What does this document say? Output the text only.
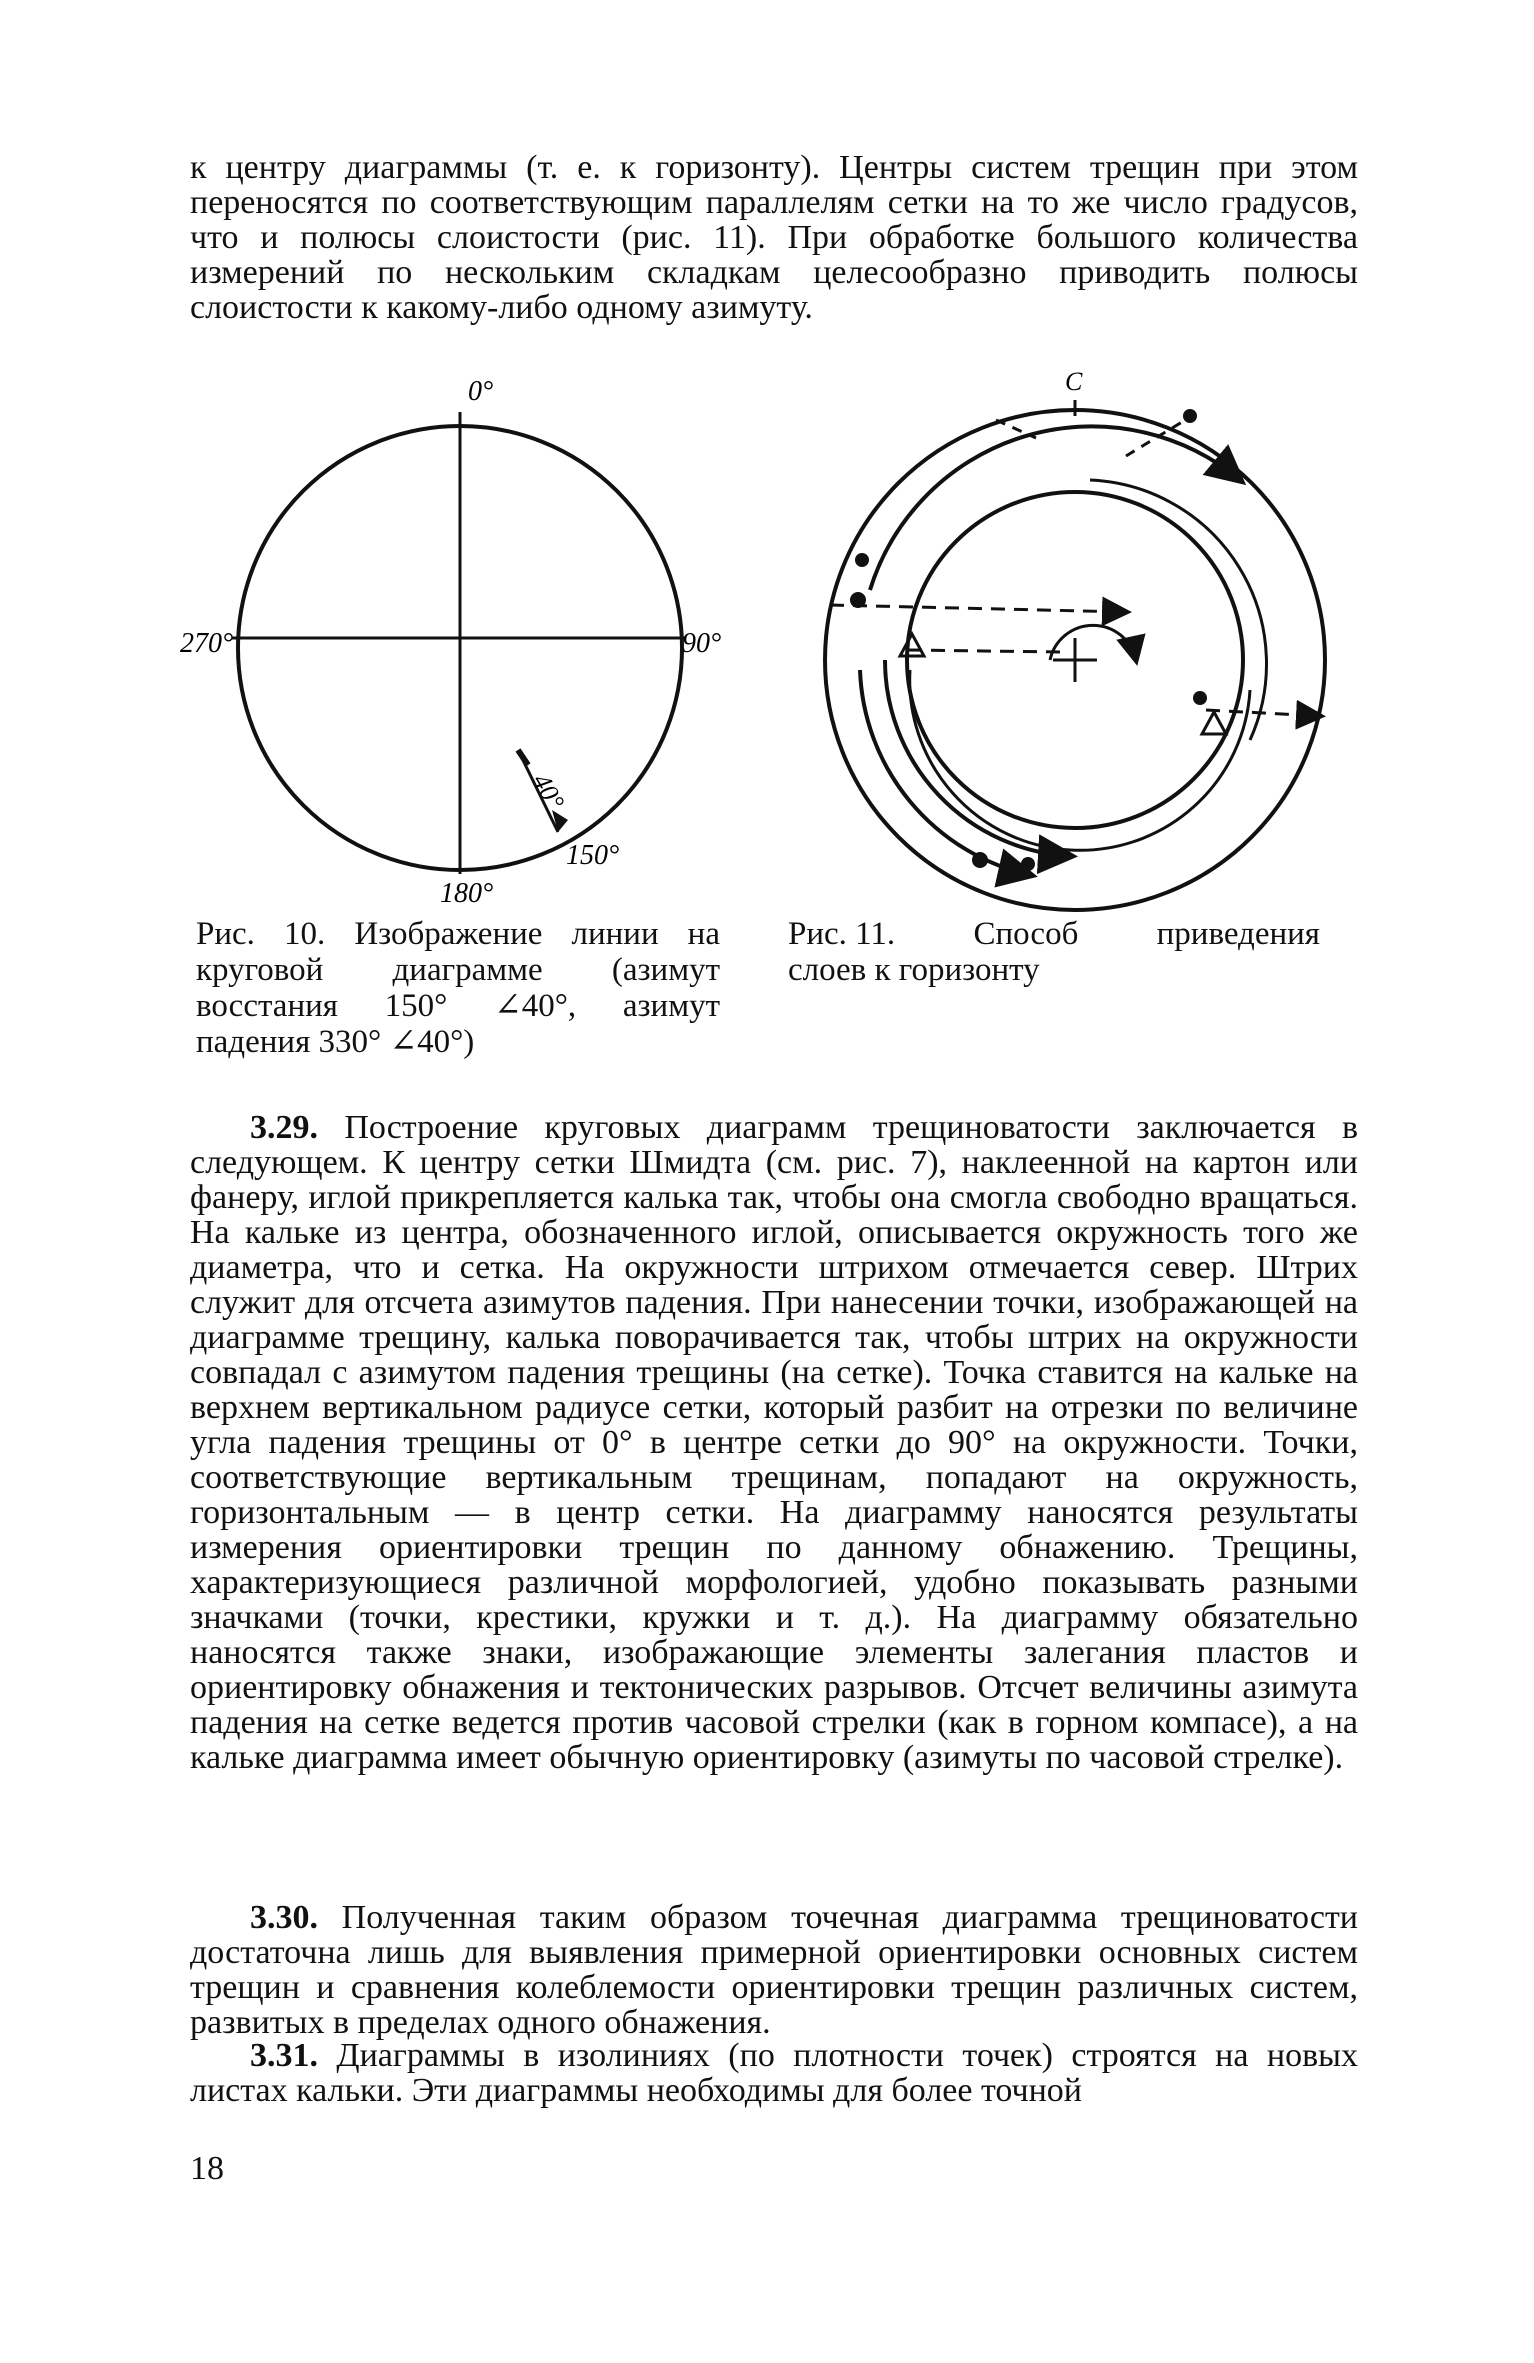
к центру диаграммы (т. е. к горизонту). Центры систем трещин при этом переносятся по соответствующим параллелям сетки на то же число градусов, что и полюсы слоистости (рис. 11). При обработке большого количества измерений по нескольким складкам целесообразно приводить полюсы слоистости к какому-либо одному азимуту.

0°
90°
180°
270°
150°
40°
С
Рис. 10. Изображение линии на круговой диаграмме (азимут восстания 150° ∠40°, азимут падения 330° ∠40°)
Рис. 11. Способ приведения
слоев к горизонту

3.29. Построение круговых диаграмм трещиноватости заключается в следующем. К центру сетки Шмидта (см. рис. 7), наклеенной на картон или фанеру, иглой прикрепляется калька так, чтобы она смогла свободно вращаться. На кальке из центра, обозначенного иглой, описывается окружность того же диаметра, что и сетка. На окружности штрихом отмечается север. Штрих служит для отсчета азимутов падения. При нанесении точки, изображающей на диаграмме трещину, калька поворачивается так, чтобы штрих на окружности совпадал с азимутом падения трещины (на сетке). Точка ставится на кальке на верхнем вертикальном радиусе сетки, который разбит на отрезки по величине угла падения трещины от 0° в центре сетки до 90° на окружности. Точки, соответствующие вертикальным трещинам, попадают на окружность, горизонтальным — в центр сетки. На диаграмму наносятся результаты измерения ориентировки трещин по данному обнажению. Трещины, характеризующиеся различной морфологией, удобно показывать разными значками (точки, крестики, кружки и т. д.). На диаграмму обязательно наносятся также знаки, изображающие элементы залегания пластов и ориентировку обнажения и тектонических разрывов. Отсчет величины азимута падения на сетке ведется против часовой стрелки (как в горном компасе), а на кальке диаграмма имеет обычную ориентировку (азимуты по часовой стрелке).

3.30. Полученная таким образом точечная диаграмма трещиноватости достаточна лишь для выявления примерной ориентировки основных систем трещин и сравнения колеблемости ориентировки трещин различных систем, развитых в пределах одного обнажения.

3.31. Диаграммы в изолиниях (по плотности точек) строятся на новых листах кальки. Эти диаграммы необходимы для более точной

18
